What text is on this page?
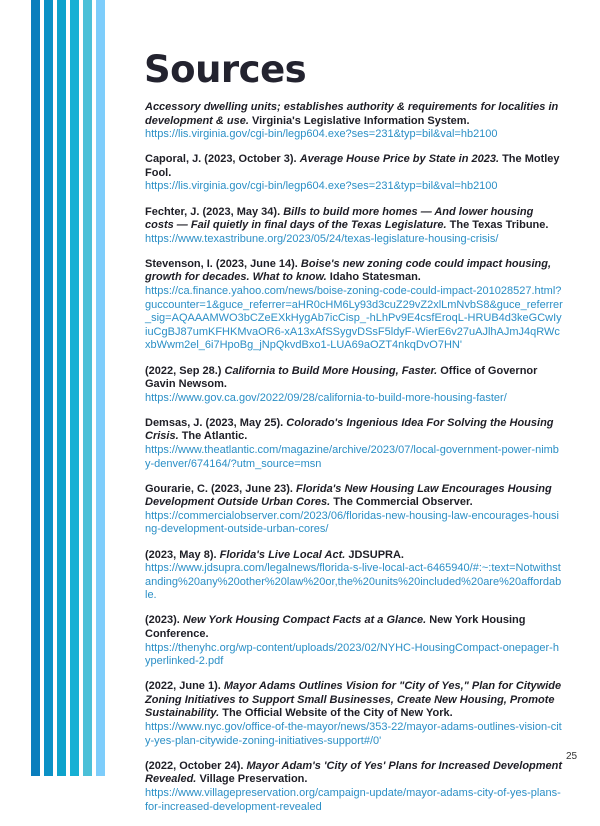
Sources
Accessory dwelling units; establishes authority & requirements for localities in development & use. Virginia's Legislative Information System.
https://lis.virginia.gov/cgi-bin/legp604.exe?ses=231&typ=bil&val=hb2100
Caporal, J. (2023, October 3). Average House Price by State in 2023. The Motley Fool.
https://lis.virginia.gov/cgi-bin/legp604.exe?ses=231&typ=bil&val=hb2100
Fechter, J. (2023, May 34). Bills to build more homes — And lower housing costs — Fail quietly in final days of the Texas Legislature. The Texas Tribune.
https://www.texastribune.org/2023/05/24/texas-legislature-housing-crisis/
Stevenson, I. (2023, June 14). Boise's new zoning code could impact housing, growth for decades. What to know. Idaho Statesman.
https://ca.finance.yahoo.com/news/boise-zoning-code-could-impact-201028527.html?guccounter=1&guce_referrer=aHR0cHM6Ly93d3cuZ29vZ2xlLmNvbS8&guce_referrer_sig=AQAAAMWO3bCZeEXkHygAb7icCisp_-hLhPv9E4csfEroqL-HRUB4d3keGCwIyiuCgBJ87umKFHKMvaOR6-xA13xAfSSygvDSsF5ldyF-WierE6v27uAJlhAJmJ4qRWcxbWwm2el_6i7HpoBg_jNpQkvdBxo1-LUA69aOZT4nkqDvO7HN'
(2022, Sep 28.) California to Build More Housing, Faster. Office of Governor Gavin Newsom.
https://www.gov.ca.gov/2022/09/28/california-to-build-more-housing-faster/
Demsas, J. (2023, May 25). Colorado's Ingenious Idea For Solving the Housing Crisis. The Atlantic.
https://www.theatlantic.com/magazine/archive/2023/07/local-government-power-nimby-denver/674164/?utm_source=msn
Gourarie, C. (2023, June 23). Florida's New Housing Law Encourages Housing Development Outside Urban Cores. The Commercial Observer.
https://commercialobserver.com/2023/06/floridas-new-housing-law-encourages-housing-development-outside-urban-cores/
(2023, May 8). Florida's Live Local Act. JDSUPRA.
https://www.jdsupra.com/legalnews/florida-s-live-local-act-6465940/#:~:text=Notwithstanding%20any%20other%20law%20or,the%20units%20included%20are%20affordable.
(2023). New York Housing Compact Facts at a Glance. New York Housing Conference.
https://thenyhc.org/wp-content/uploads/2023/02/NYHC-HousingCompact-onepager-hyperlinked-2.pdf
(2022, June 1). Mayor Adams Outlines Vision for "City of Yes," Plan for Citywide Zoning Initiatives to Support Small Businesses, Create New Housing, Promote Sustainability. The Official Website of the City of New York.
https://www.nyc.gov/office-of-the-mayor/news/353-22/mayor-adams-outlines-vision-city-yes-plan-citywide-zoning-initiatives-support#/0'
(2022, October 24). Mayor Adam's 'City of Yes' Plans for Increased Development Revealed. Village Preservation.
https://www.villagepreservation.org/campaign-update/mayor-adams-city-of-yes-plans-for-increased-development-revealed
25
